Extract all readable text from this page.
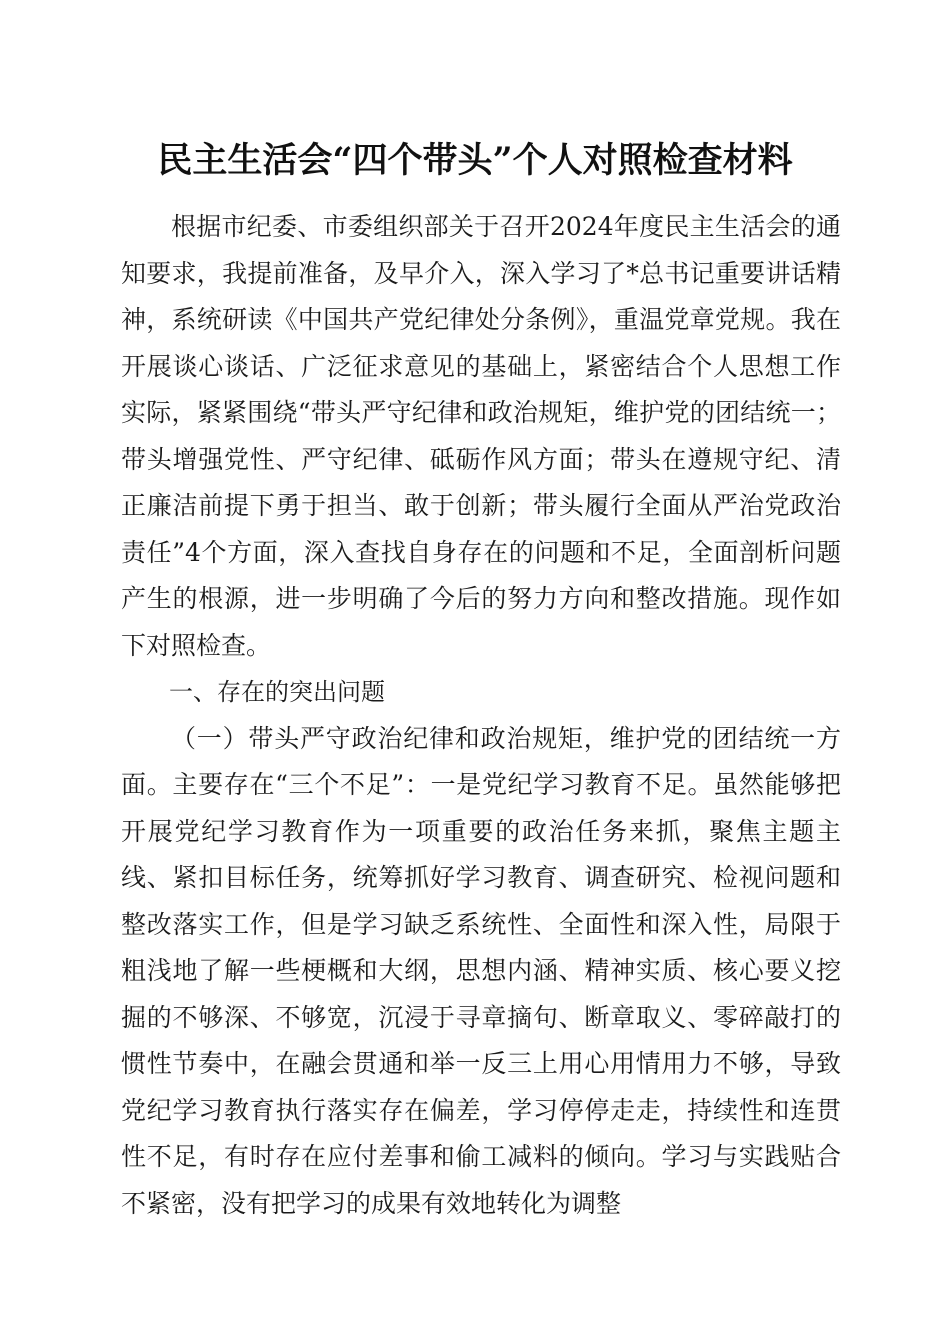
民主生活会“四个带头”个人对照检查材料

根据市纪委、市委组织部关于召开2024年度民主生活会的通知要求，我提前准备，及早介入，深入学习了*总书记重要讲话精神，系统研读《中国共产党纪律处分条例》，重温党章党规。我在开展谈心谈话、广泛征求意见的基础上，紧密结合个人思想工作实际，紧紧围绕“带头严守纪律和政治规矩，维护党的团结统一；带头增强党性、严守纪律、砥砺作风方面；带头在遵规守纪、清正廉洁前提下勇于担当、敢于创新；带头履行全面从严治党政治责任”4个方面，深入查找自身存在的问题和不足，全面剖析问题产生的根源，进一步明确了今后的努力方向和整改措施。现作如下对照检查。

一、存在的突出问题

（一）带头严守政治纪律和政治规矩，维护党的团结统一方面。主要存在“三个不足”：一是党纪学习教育不足。虽然能够把开展党纪学习教育作为一项重要的政治任务来抓，聚焦主题主线、紧扣目标任务，统筹抓好学习教育、调查研究、检视问题和整改落实工作，但是学习缺乏系统性、全面性和深入性，局限于粗浅地了解一些梗概和大纲，思想内涵、精神实质、核心要义挖掘的不够深、不够宽，沉浸于寻章摘句、断章取义、零碎敲打的惯性节奏中，在融会贯通和举一反三上用心用情用力不够，导致党纪学习教育执行落实存在偏差，学习停停走走，持续性和连贯性不足，有时存在应付差事和偷工减料的倾向。学习与实践贴合不紧密，没有把学习的成果有效地转化为调整
